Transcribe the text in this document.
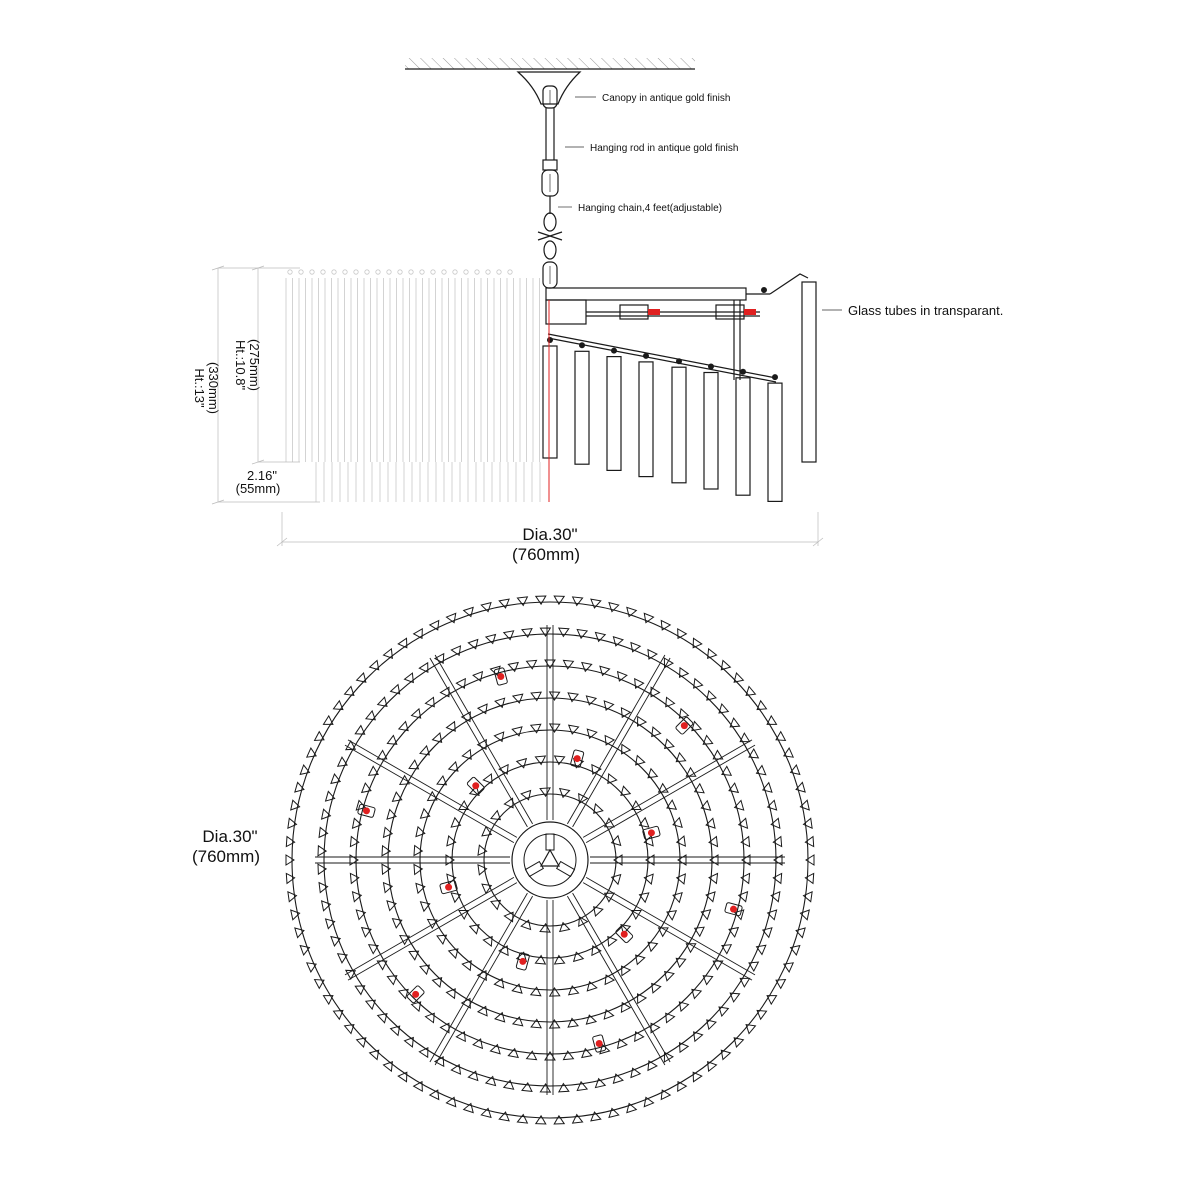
Canopy in antique gold finish
Hanging rod in antique gold finish
Hanging chain,4 feet(adjustable)
Glass tubes in transparant.
Ht.:10.8" (275mm)
Ht.:13" (330mm)
2.16"
(55mm)
Dia.30"
(760mm)
Dia.30"
(760mm)
